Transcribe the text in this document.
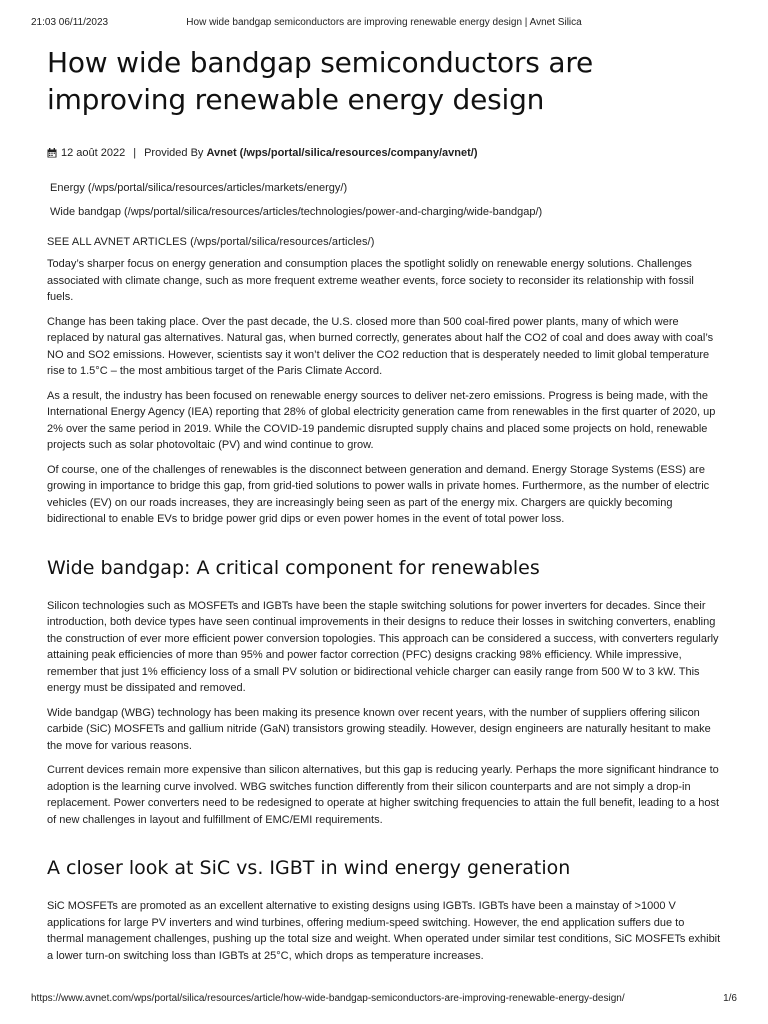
21:03 06/11/2023	How wide bandgap semiconductors are improving renewable energy design | Avnet Silica
How wide bandgap semiconductors are improving renewable energy design
12 août 2022 | Provided By
Avnet (/wps/portal/silica/resources/company/avnet/)
Energy (/wps/portal/silica/resources/articles/markets/energy/)
Wide bandgap (/wps/portal/silica/resources/articles/technologies/power-and-charging/wide-bandgap/)
SEE ALL AVNET ARTICLES (/wps/portal/silica/resources/articles/)

Today’s sharper focus on energy generation and consumption places the spotlight solidly on renewable energy solutions. Challenges associated with climate change, such as more frequent extreme weather events, force society to reconsider its relationship with fossil fuels.

Change has been taking place. Over the past decade, the U.S. closed more than 500 coal-fired power plants, many of which were replaced by natural gas alternatives. Natural gas, when burned correctly, generates about half the CO2 of coal and does away with coal’s NO and SO2 emissions. However, scientists say it won’t deliver the CO2 reduction that is desperately needed to limit global temperature rise to 1.5°C – the most ambitious target of the Paris Climate Accord.

As a result, the industry has been focused on renewable energy sources to deliver net-zero emissions. Progress is being made, with the International Energy Agency (IEA) reporting that 28% of global electricity generation came from renewables in the first quarter of 2020, up 2% over the same period in 2019. While the COVID-19 pandemic disrupted supply chains and placed some projects on hold, renewable projects such as solar photovoltaic (PV) and wind continue to grow.

Of course, one of the challenges of renewables is the disconnect between generation and demand. Energy Storage Systems (ESS) are growing in importance to bridge this gap, from grid-tied solutions to power walls in private homes. Furthermore, as the number of electric vehicles (EV) on our roads increases, they are increasingly being seen as part of the energy mix. Chargers are quickly becoming bidirectional to enable EVs to bridge power grid dips or even power homes in the event of total power loss.

Wide bandgap: A critical component for renewables

Silicon technologies such as MOSFETs and IGBTs have been the staple switching solutions for power inverters for decades. Since their introduction, both device types have seen continual improvements in their designs to reduce their losses in switching converters, enabling the construction of ever more efficient power conversion topologies. This approach can be considered a success, with converters regularly attaining peak efficiencies of more than 95% and power factor correction (PFC) designs cracking 98% efficiency. While impressive, remember that just 1% efficiency loss of a small PV solution or bidirectional vehicle charger can easily range from 500 W to 3 kW. This energy must be dissipated and removed.

Wide bandgap (WBG) technology has been making its presence known over recent years, with the number of suppliers offering silicon carbide (SiC) MOSFETs and gallium nitride (GaN) transistors growing steadily. However, design engineers are naturally hesitant to make the move for various reasons.

Current devices remain more expensive than silicon alternatives, but this gap is reducing yearly. Perhaps the more significant hindrance to adoption is the learning curve involved. WBG switches function differently from their silicon counterparts and are not simply a drop-in replacement. Power converters need to be redesigned to operate at higher switching frequencies to attain the full benefit, leading to a host of new challenges in layout and fulfillment of EMC/EMI requirements.

A closer look at SiC vs. IGBT in wind energy generation

SiC MOSFETs are promoted as an excellent alternative to existing designs using IGBTs. IGBTs have been a mainstay of >1000 V applications for large PV inverters and wind turbines, offering medium-speed switching. However, the end application suffers due to thermal management challenges, pushing up the total size and weight. When operated under similar test conditions, SiC MOSFETs exhibit a lower turn-on switching loss than IGBTs at 25°C, which drops as temperature increases.

https://www.avnet.com/wps/portal/silica/resources/article/how-wide-bandgap-semiconductors-are-improving-renewable-energy-design/	1/6
